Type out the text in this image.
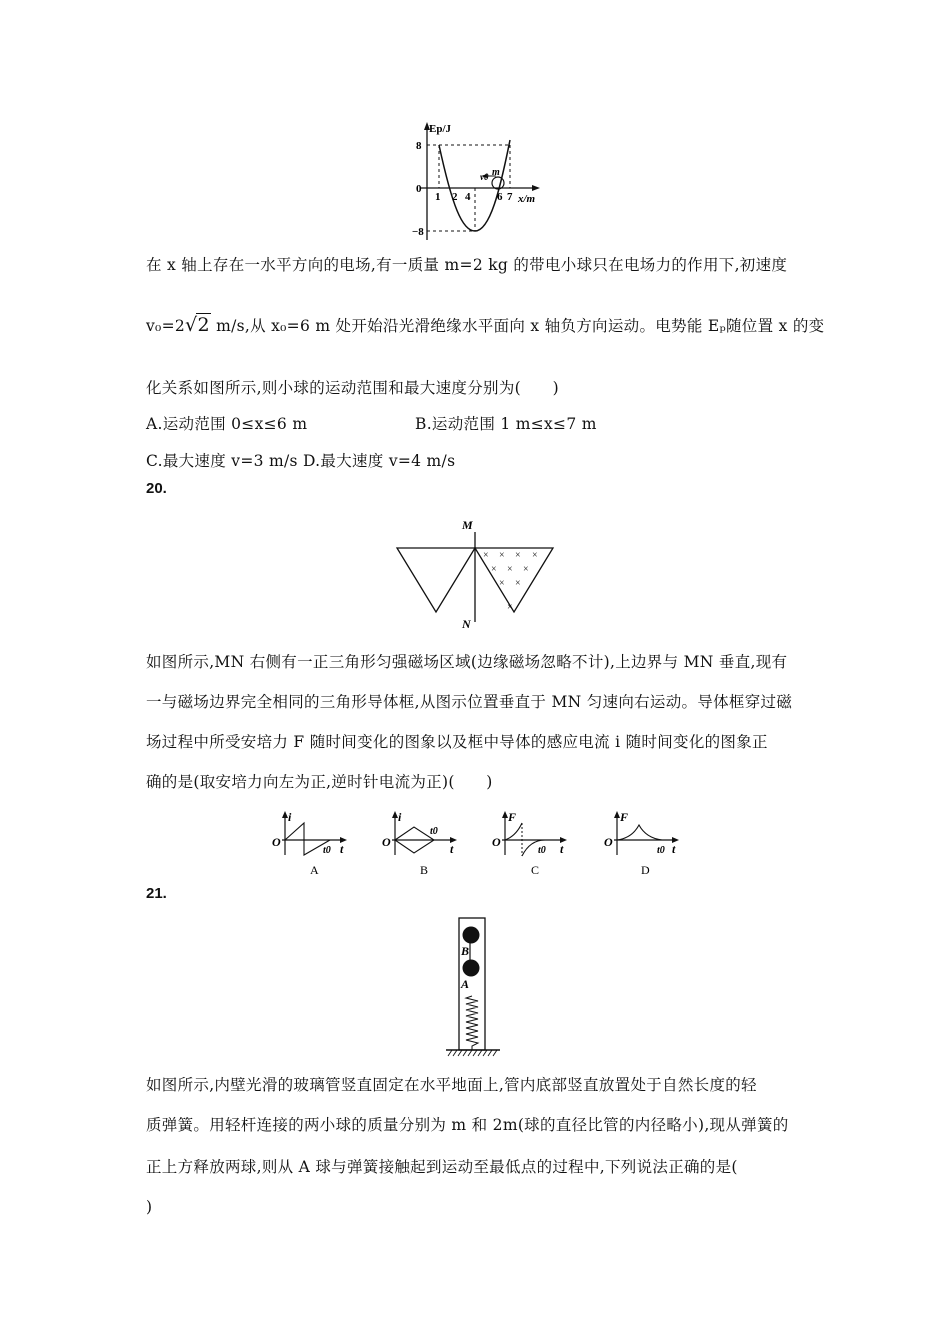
Ep/J
x/m
8
0
−8
1 2 4 6 7
v0 m
在 x 轴上存在一水平方向的电场,有一质量 m=2 kg 的带电小球只在电场力的作用下,初速度
v₀=2√2 m/s,从 x₀=6 m 处开始沿光滑绝缘水平面向 x 轴负方向运动。电势能 Eₚ随位置 x 的变
化关系如图所示,则小球的运动范围和最大速度分别为(　　)
A.运动范围 0≤x≤6 m	B.运动范围 1 m≤x≤7 m
C.最大速度 v=3 m/s D.最大速度 v=4 m/s
20.
× × × ×
× × ×
× ×
×
M
N
如图所示,MN 右侧有一正三角形匀强磁场区域(边缘磁场忽略不计),上边界与 MN 垂直,现有
一与磁场边界完全相同的三角形导体框,从图示位置垂直于 MN 匀速向右运动。导体框穿过磁
场过程中所受安培力 F 随时间变化的图象以及框中导体的感应电流 i 随时间变化的图象正
确的是(取安培力向左为正,逆时针电流为正)(　　)
i
O
t0 t
A
i
O
t0
t
B
F
O
t0 t
C
F
O
t0 t
D
21.
B
A
如图所示,内壁光滑的玻璃管竖直固定在水平地面上,管内底部竖直放置处于自然长度的轻
质弹簧。用轻杆连接的两小球的质量分别为 m 和 2m(球的直径比管的内径略小),现从弹簧的
正上方释放两球,则从 A 球与弹簧接触起到运动至最低点的过程中,下列说法正确的是(
)
